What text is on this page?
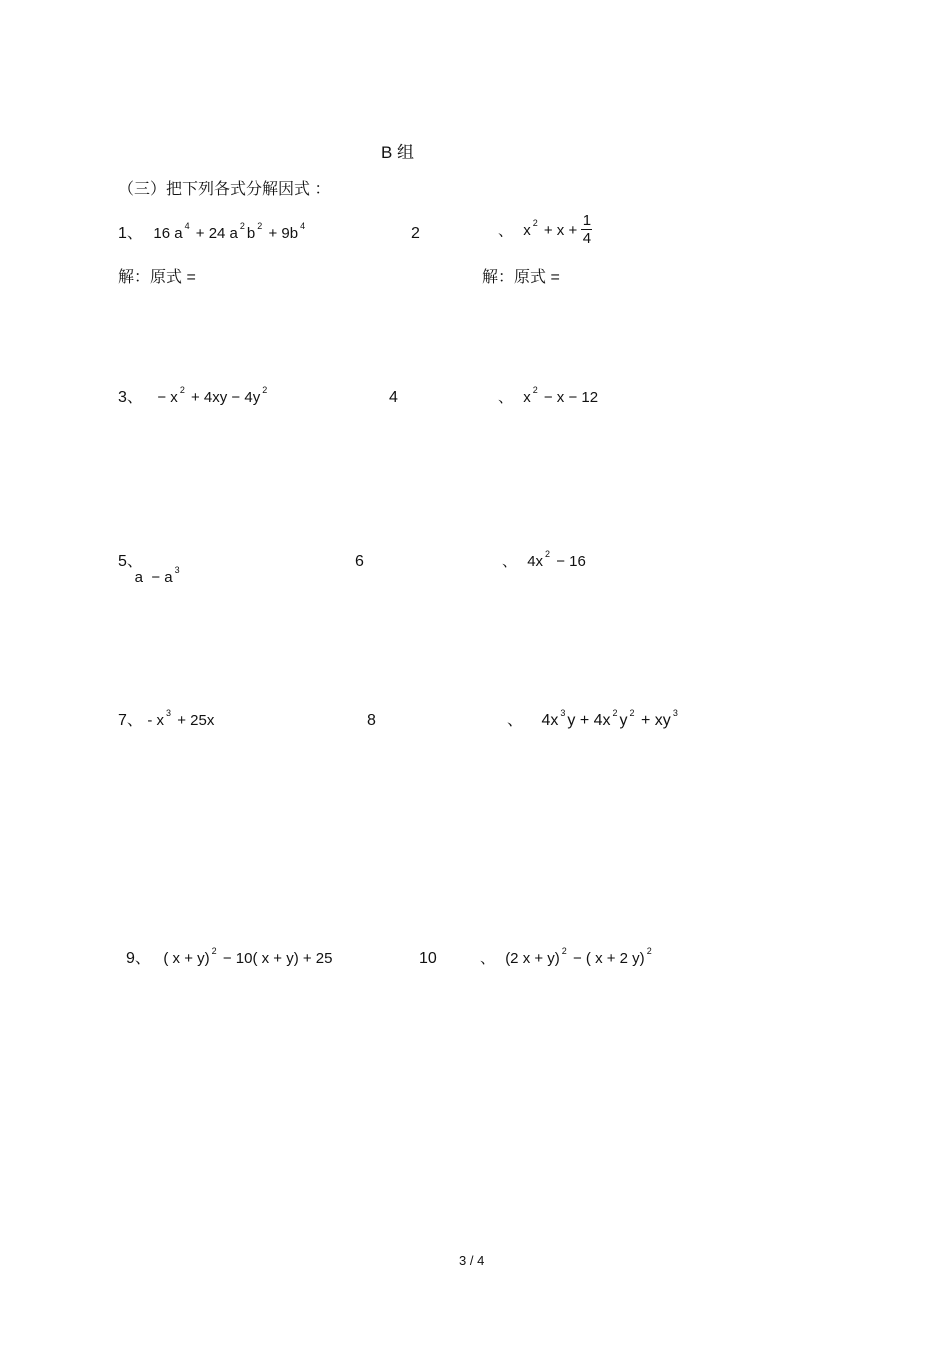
B 组
（三）把下列各式分解因式 ：
1、 16 a $^4$ + 24 a $^2$ b $^2$ + 9b $^4$	2	、 x $^2 + x + \frac{1}{4}$
解：原式 =	解：原式 =
3、 − x $^2$ + 4xy − 4y $^2$	4	、 x $^2$ − x − 12
5、
a  − a $^3$
	6	、 4x $^2$ − 16
7、 - x $^3$ + 25x	8	、 4x $^3$ y + 4x $^2$ y $^2$ + xy $^3$
9、 ( x + y) $^2$ − 10( x + y) + 25	10	、 (2 x + y) $^2$ − ( x + 2 y) $^2$
3 / 4
